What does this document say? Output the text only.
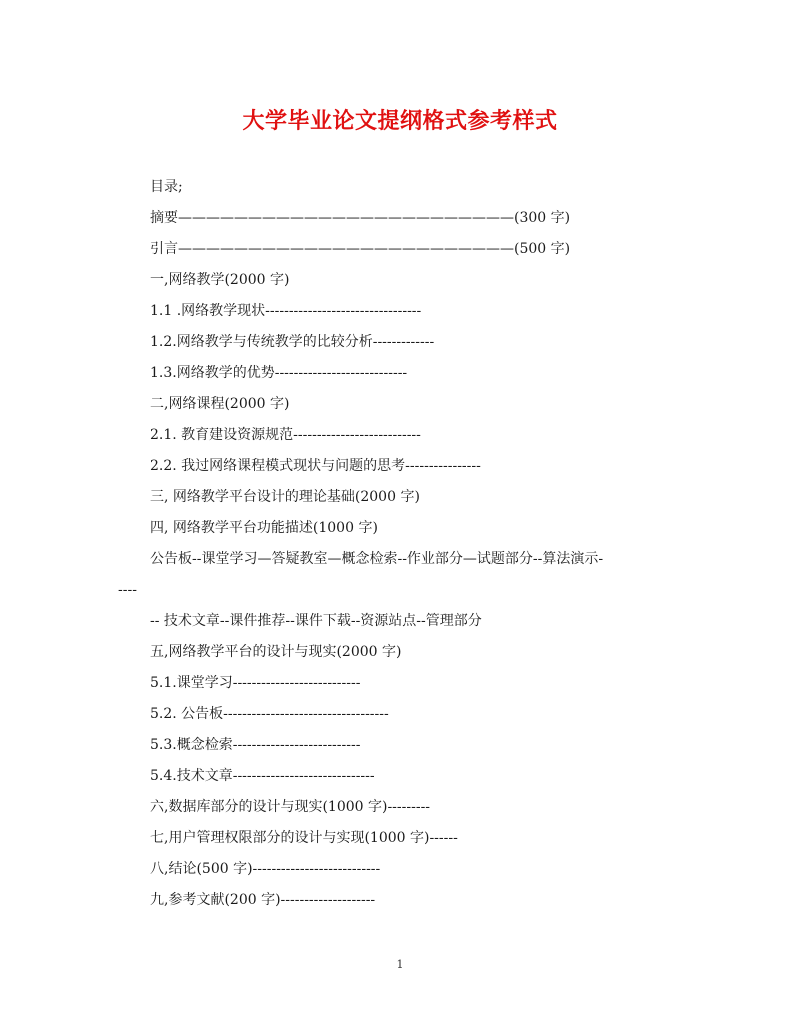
大学毕业论文提纲格式参考样式
目录;
摘要————————————————————————(300 字)
引言————————————————————————(500 字)
一,网络教学(2000 字)
1.1 .网络教学现状---------------------------------
1.2.网络教学与传统教学的比较分析-------------
1.3.网络教学的优势----------------------------
二,网络课程(2000 字)
2.1. 教育建设资源规范---------------------------
2.2. 我过网络课程模式现状与问题的思考----------------
三, 网络教学平台设计的理论基础(2000 字)
四, 网络教学平台功能描述(1000 字)
公告板--课堂学习—答疑教室—概念检索--作业部分—试题部分--算法演示-
----
-- 技术文章--课件推荐--课件下载--资源站点--管理部分
五,网络教学平台的设计与现实(2000 字)
5.1.课堂学习---------------------------
5.2. 公告板-----------------------------------
5.3.概念检索---------------------------
5.4.技术文章------------------------------
六,数据库部分的设计与现实(1000 字)---------
七,用户管理权限部分的设计与实现(1000 字)------
八,结论(500 字)---------------------------
九,参考文献(200 字)--------------------
1
